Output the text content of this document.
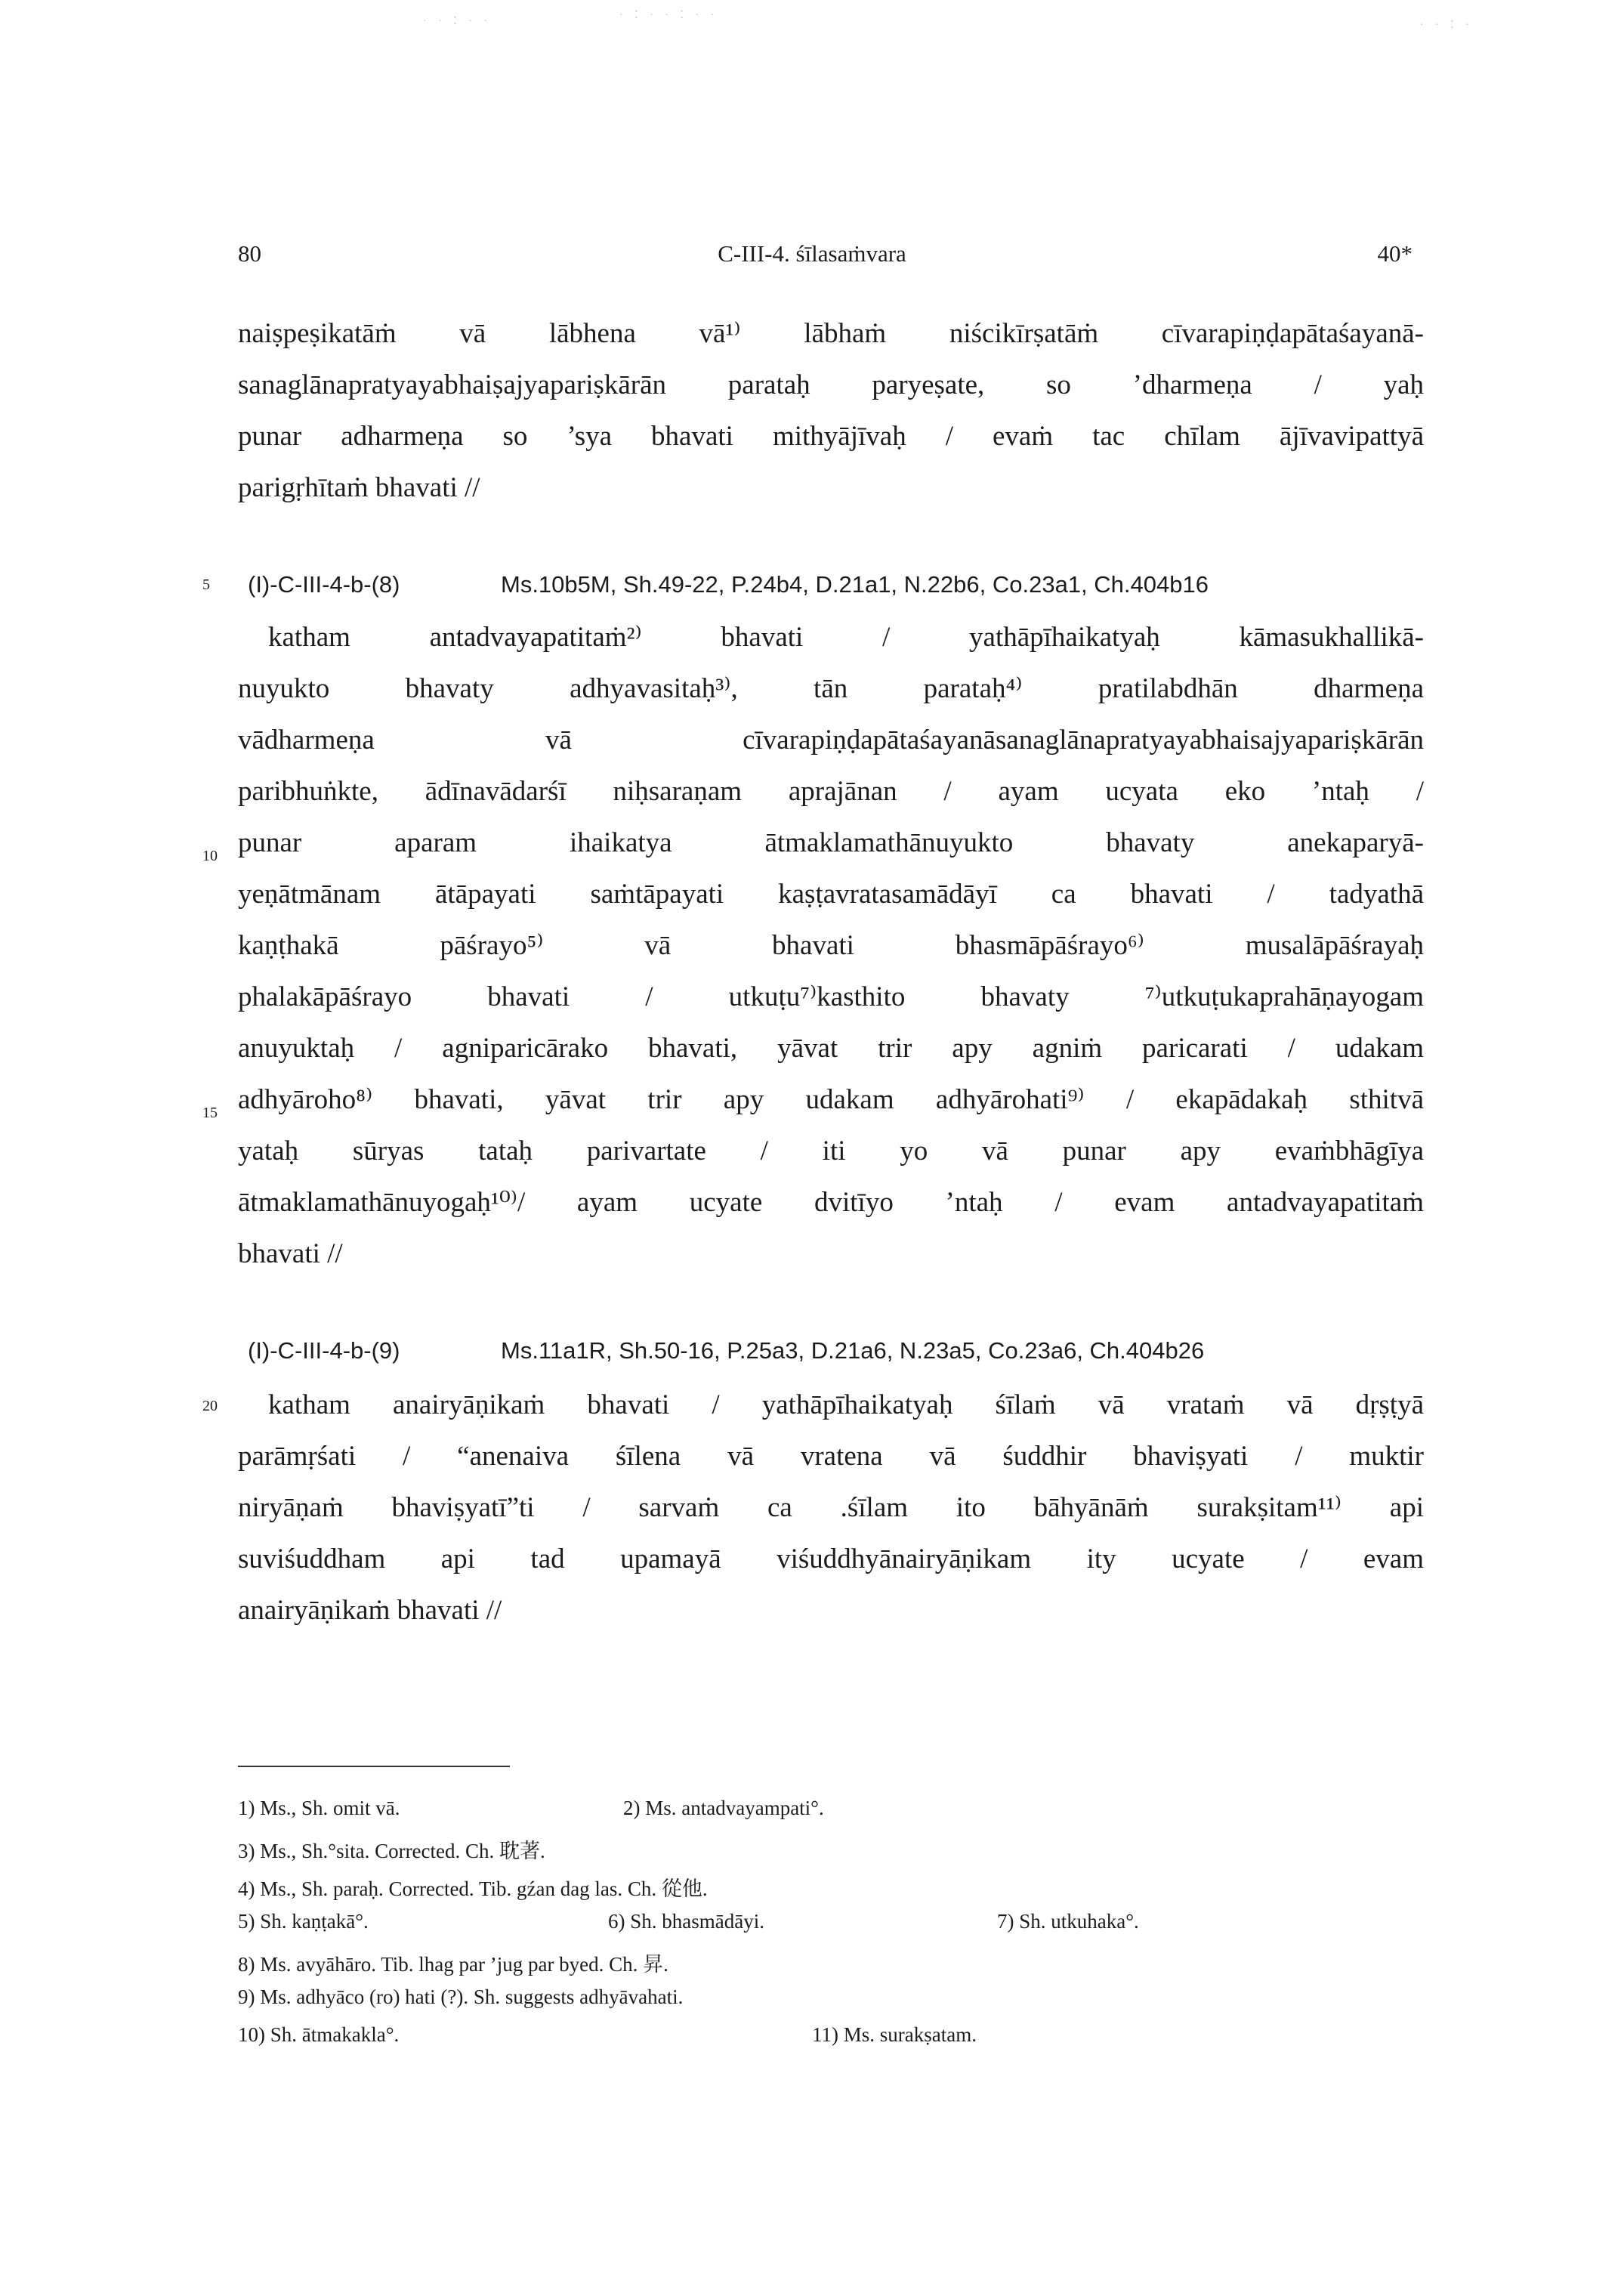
· · ⁚ · ·
· ⁚ · · ⁚ · ·
· · ⁚ ·
80	C-III-4. śīlasaṁvara	40*
naiṣpeṣikatāṁ vā lābhena vā¹⁾ lābhaṁ niścikīrṣatāṁ cīvarapiṇḍapātaśayanā-
sanaglānapratyayabhaiṣajyapariṣkārān parataḥ paryeṣate, so ’dharmeṇa / yaḥ
punar adharmeṇa so ’sya bhavati mithyājīvaḥ / evaṁ tac chīlam ājīvavipattyā
parigṛhītaṁ bhavati //
5	(I)-C-III-4-b-(8)	Ms.10b5M, Sh.49-22, P.24b4, D.21a1, N.22b6, Co.23a1, Ch.404b16
katham antadvayapatitaṁ²⁾ bhavati / yathāpīhaikatyaḥ kāmasukhallikā-
nuyukto bhavaty adhyavasitaḥ³⁾, tān parataḥ⁴⁾ pratilabdhān dharmeṇa
vādharmeṇa vā cīvarapiṇḍapātaśayanāsanaglānapratyayabhaisajyapariṣkārān
paribhuṅkte, ādīnavādarśī niḥsaraṇam aprajānan / ayam ucyata eko ’ntaḥ /
punar aparam ihaikatya ātmaklamathānuyukto bhavaty anekaparyā-
yeṇātmānam ātāpayati saṁtāpayati kaṣṭavratasamādāyī ca bhavati / tadyathā
kaṇṭhakā pāśrayo⁵⁾ vā bhavati bhasmāpāśrayo⁶⁾ musalāpāśrayaḥ
phalakāpāśrayo bhavati / utkuṭu⁷⁾kasthito bhavaty ⁷⁾utkuṭukaprahāṇayogam
anuyuktaḥ / agniparicārako bhavati, yāvat trir apy agniṁ paricarati / udakam
adhyāroho⁸⁾ bhavati, yāvat trir apy udakam adhyārohati⁹⁾ / ekapādakaḥ sthitvā
yataḥ sūryas tataḥ parivartate / iti yo vā punar apy evaṁbhāgīya
ātmaklamathānuyogaḥ¹⁰⁾/ ayam ucyate dvitīyo ’ntaḥ / evam antadvayapatitaṁ
bhavati //
10
15
(I)-C-III-4-b-(9)	Ms.11a1R, Sh.50-16, P.25a3, D.21a6, N.23a5, Co.23a6, Ch.404b26
20	katham anairyāṇikaṁ bhavati / yathāpīhaikatyaḥ śīlaṁ vā vrataṁ vā dṛṣṭyā
parāmṛśati / “anenaiva śīlena vā vratena vā śuddhir bhaviṣyati / muktir
niryāṇaṁ bhaviṣyatī”ti / sarvaṁ ca .śīlam ito bāhyānāṁ surakṣitam¹¹⁾ api
suviśuddham api tad upamayā viśuddhyānairyāṇikam ity ucyate / evam
anairyāṇikaṁ bhavati //
1) Ms., Sh. omit vā.	2) Ms. antadvayampati°.
3) Ms., Sh.°sita. Corrected. Ch. 耽著.
4) Ms., Sh. paraḥ. Corrected. Tib. gźan dag las. Ch. 從他.
5) Sh. kaṇṭakā°.	6) Sh. bhasmādāyi.	7) Sh. utkuhaka°.
8) Ms. avyāhāro. Tib. lhag par ’jug par byed. Ch. 昇.
9) Ms. adhyāco (ro) hati (?). Sh. suggests adhyāvahati.
10) Sh. ātmakakla°.	11) Ms. surakṣatam.
